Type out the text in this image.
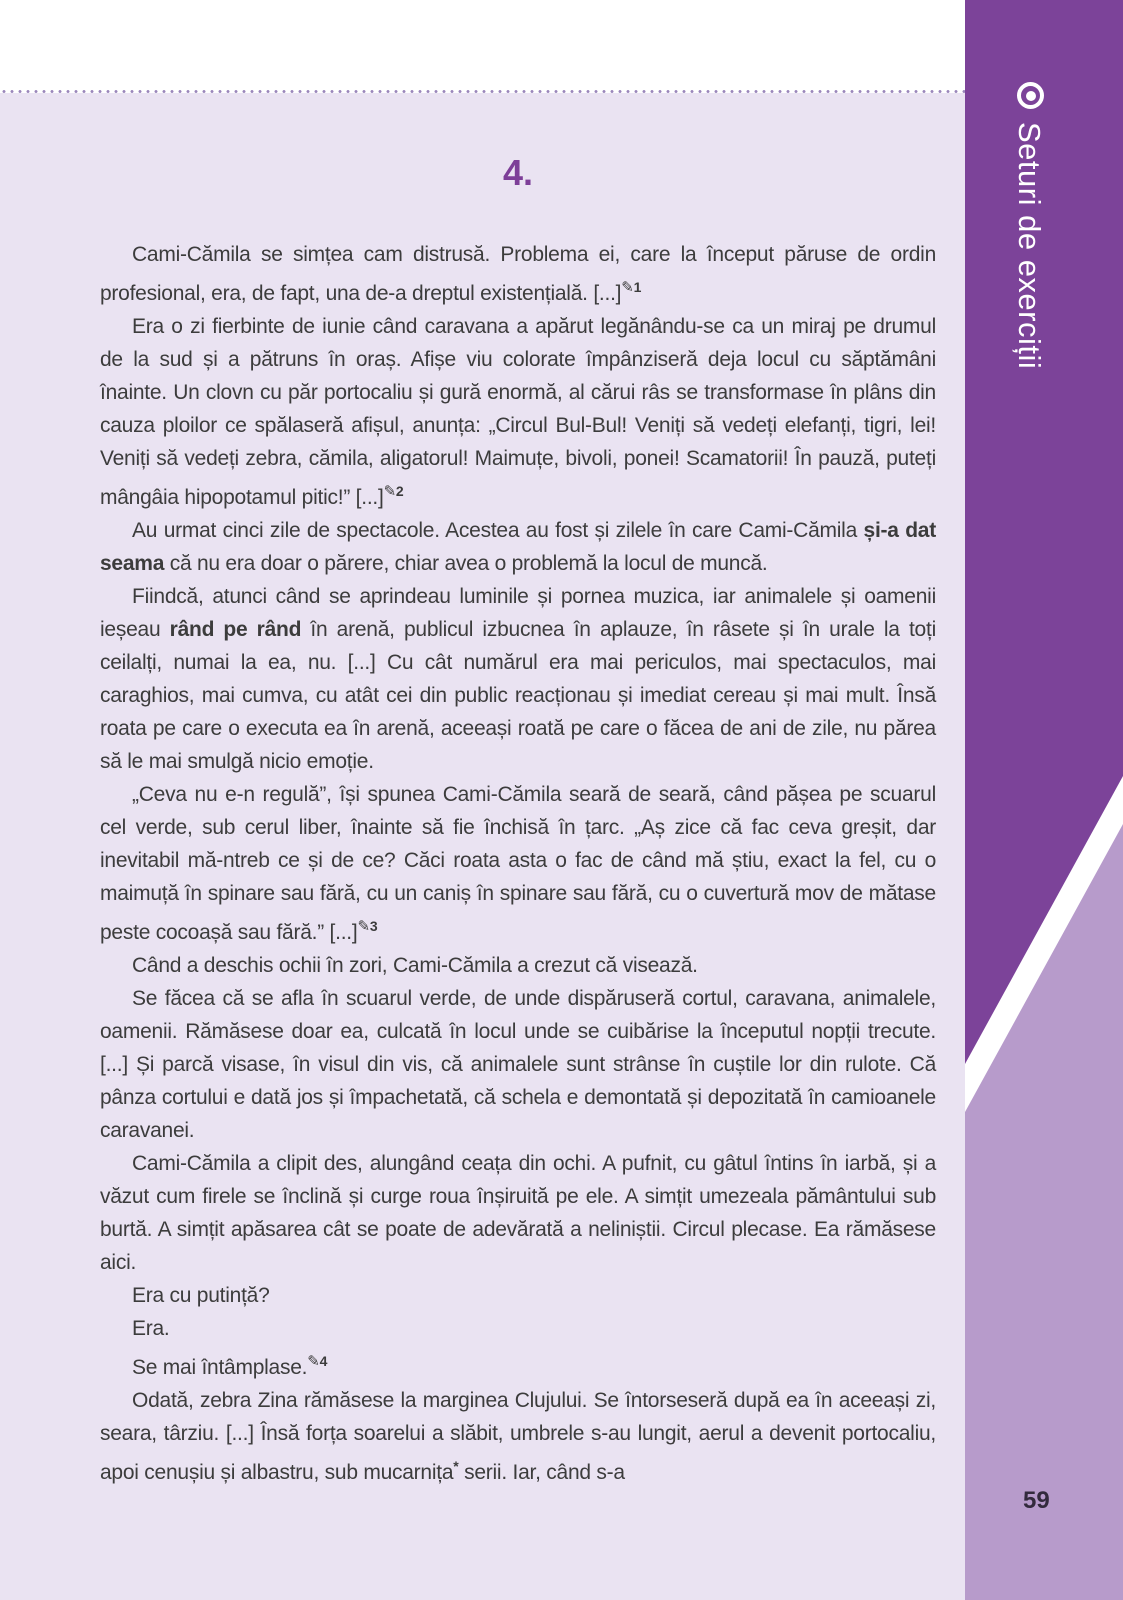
4.

Cami-Cămila se simțea cam distrusă. Problema ei, care la început păruse de ordin profesional, era, de fapt, una de-a dreptul existențială. [...]$^{✎1}$

Era o zi fierbinte de iunie când caravana a apărut legănându-se ca un miraj pe drumul de la sud și a pătruns în oraș. Afișe viu colorate împânziseră deja locul cu săptămâni înainte. Un clovn cu păr portocaliu și gură enormă, al cărui râs se transformase în plâns din cauza ploilor ce spălaseră afișul, anunța: „Circul Bul-Bul! Veniți să vedeți elefanți, tigri, lei! Veniți să vedeți zebra, cămila, aligatorul! Maimuțe, bivoli, ponei! Scamatorii! În pauză, puteți mângâia hipopotamul pitic!” [...]$^{✎2}$

Au urmat cinci zile de spectacole. Acestea au fost și zilele în care Cami-Cămila și-a dat seama că nu era doar o părere, chiar avea o problemă la locul de muncă.

Fiindcă, atunci când se aprindeau luminile și pornea muzica, iar animalele și oamenii ieșeau rând pe rând în arenă, publicul izbucnea în aplauze, în râsete și în urale la toți ceilalți, numai la ea, nu. [...] Cu cât numărul era mai periculos, mai spectaculos, mai caraghios, mai cumva, cu atât cei din public reacționau și imediat cereau și mai mult. Însă roata pe care o executa ea în arenă, aceeași roată pe care o făcea de ani de zile, nu părea să le mai smulgă nicio emoție.

„Ceva nu e-n regulă”, își spunea Cami-Cămila seară de seară, când pășea pe scuarul cel verde, sub cerul liber, înainte să fie închisă în țarc. „Aș zice că fac ceva greșit, dar inevitabil mă-ntreb ce și de ce? Căci roata asta o fac de când mă știu, exact la fel, cu o maimuță în spinare sau fără, cu un caniș în spinare sau fără, cu o cuvertură mov de mătase peste cocoașă sau fără.” [...]$^{✎3}$

Când a deschis ochii în zori, Cami-Cămila a crezut că visează.

Se făcea că se afla în scuarul verde, de unde dispăruseră cortul, caravana, animalele, oamenii. Rămăsese doar ea, culcată în locul unde se cuibărise la începutul nopții trecute. [...] Și parcă visase, în visul din vis, că animalele sunt strânse în cuștile lor din rulote. Că pânza cortului e dată jos și împachetată, că schela e demontată și depozitată în camioanele caravanei.

Cami-Cămila a clipit des, alungând ceața din ochi. A pufnit, cu gâtul întins în iarbă, și a văzut cum firele se înclină și curge roua înșiruită pe ele. A simțit umezeala pământului sub burtă. A simțit apăsarea cât se poate de adevărată a neliniștii. Circul plecase. Ea rămăsese aici.

Era cu putință?

Era.

Se mai întâmplase.$^{✎4}$

Odată, zebra Zina rămăsese la marginea Clujului. Se întorseseră după ea în aceeași zi, seara, târziu. [...] Însă forța soarelui a slăbit, umbrele s-au lungit, aerul a devenit portocaliu, apoi cenușiu și albastru, sub mucarnița* serii. Iar, când s-a

Seturi de exerciții
59
